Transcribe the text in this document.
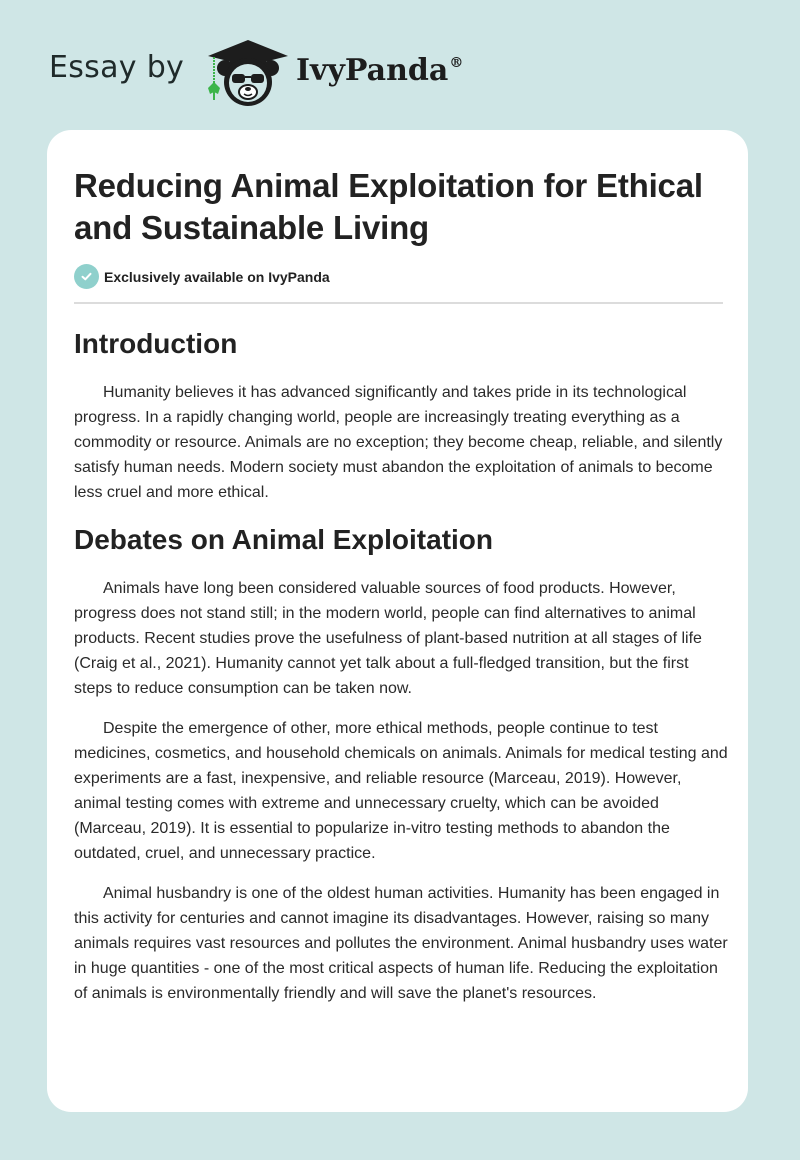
Essay by	IvyPanda®
Reducing Animal Exploitation for Ethical and Sustainable Living
Exclusively available on IvyPanda
Introduction

Humanity believes it has advanced significantly and takes pride in its technological progress. In a rapidly changing world, people are increasingly treating everything as a commodity or resource. Animals are no exception; they become cheap, reliable, and silently satisfy human needs. Modern society must abandon the exploitation of animals to become less cruel and more ethical.

Debates on Animal Exploitation

Animals have long been considered valuable sources of food products. However, progress does not stand still; in the modern world, people can find alternatives to animal products. Recent studies prove the usefulness of plant-based nutrition at all stages of life (Craig et al., 2021). Humanity cannot yet talk about a full-fledged transition, but the first steps to reduce consumption can be taken now.

Despite the emergence of other, more ethical methods, people continue to test medicines, cosmetics, and household chemicals on animals. Animals for medical testing and experiments are a fast, inexpensive, and reliable resource (Marceau, 2019). However, animal testing comes with extreme and unnecessary cruelty, which can be avoided (Marceau, 2019). It is essential to popularize in-vitro testing methods to abandon the outdated, cruel, and unnecessary practice.

Animal husbandry is one of the oldest human activities. Humanity has been engaged in this activity for centuries and cannot imagine its disadvantages. However, raising so many animals requires vast resources and pollutes the environment. Animal husbandry uses water in huge quantities - one of the most critical aspects of human life. Reducing the exploitation of animals is environmentally friendly and will save the planet's resources.
